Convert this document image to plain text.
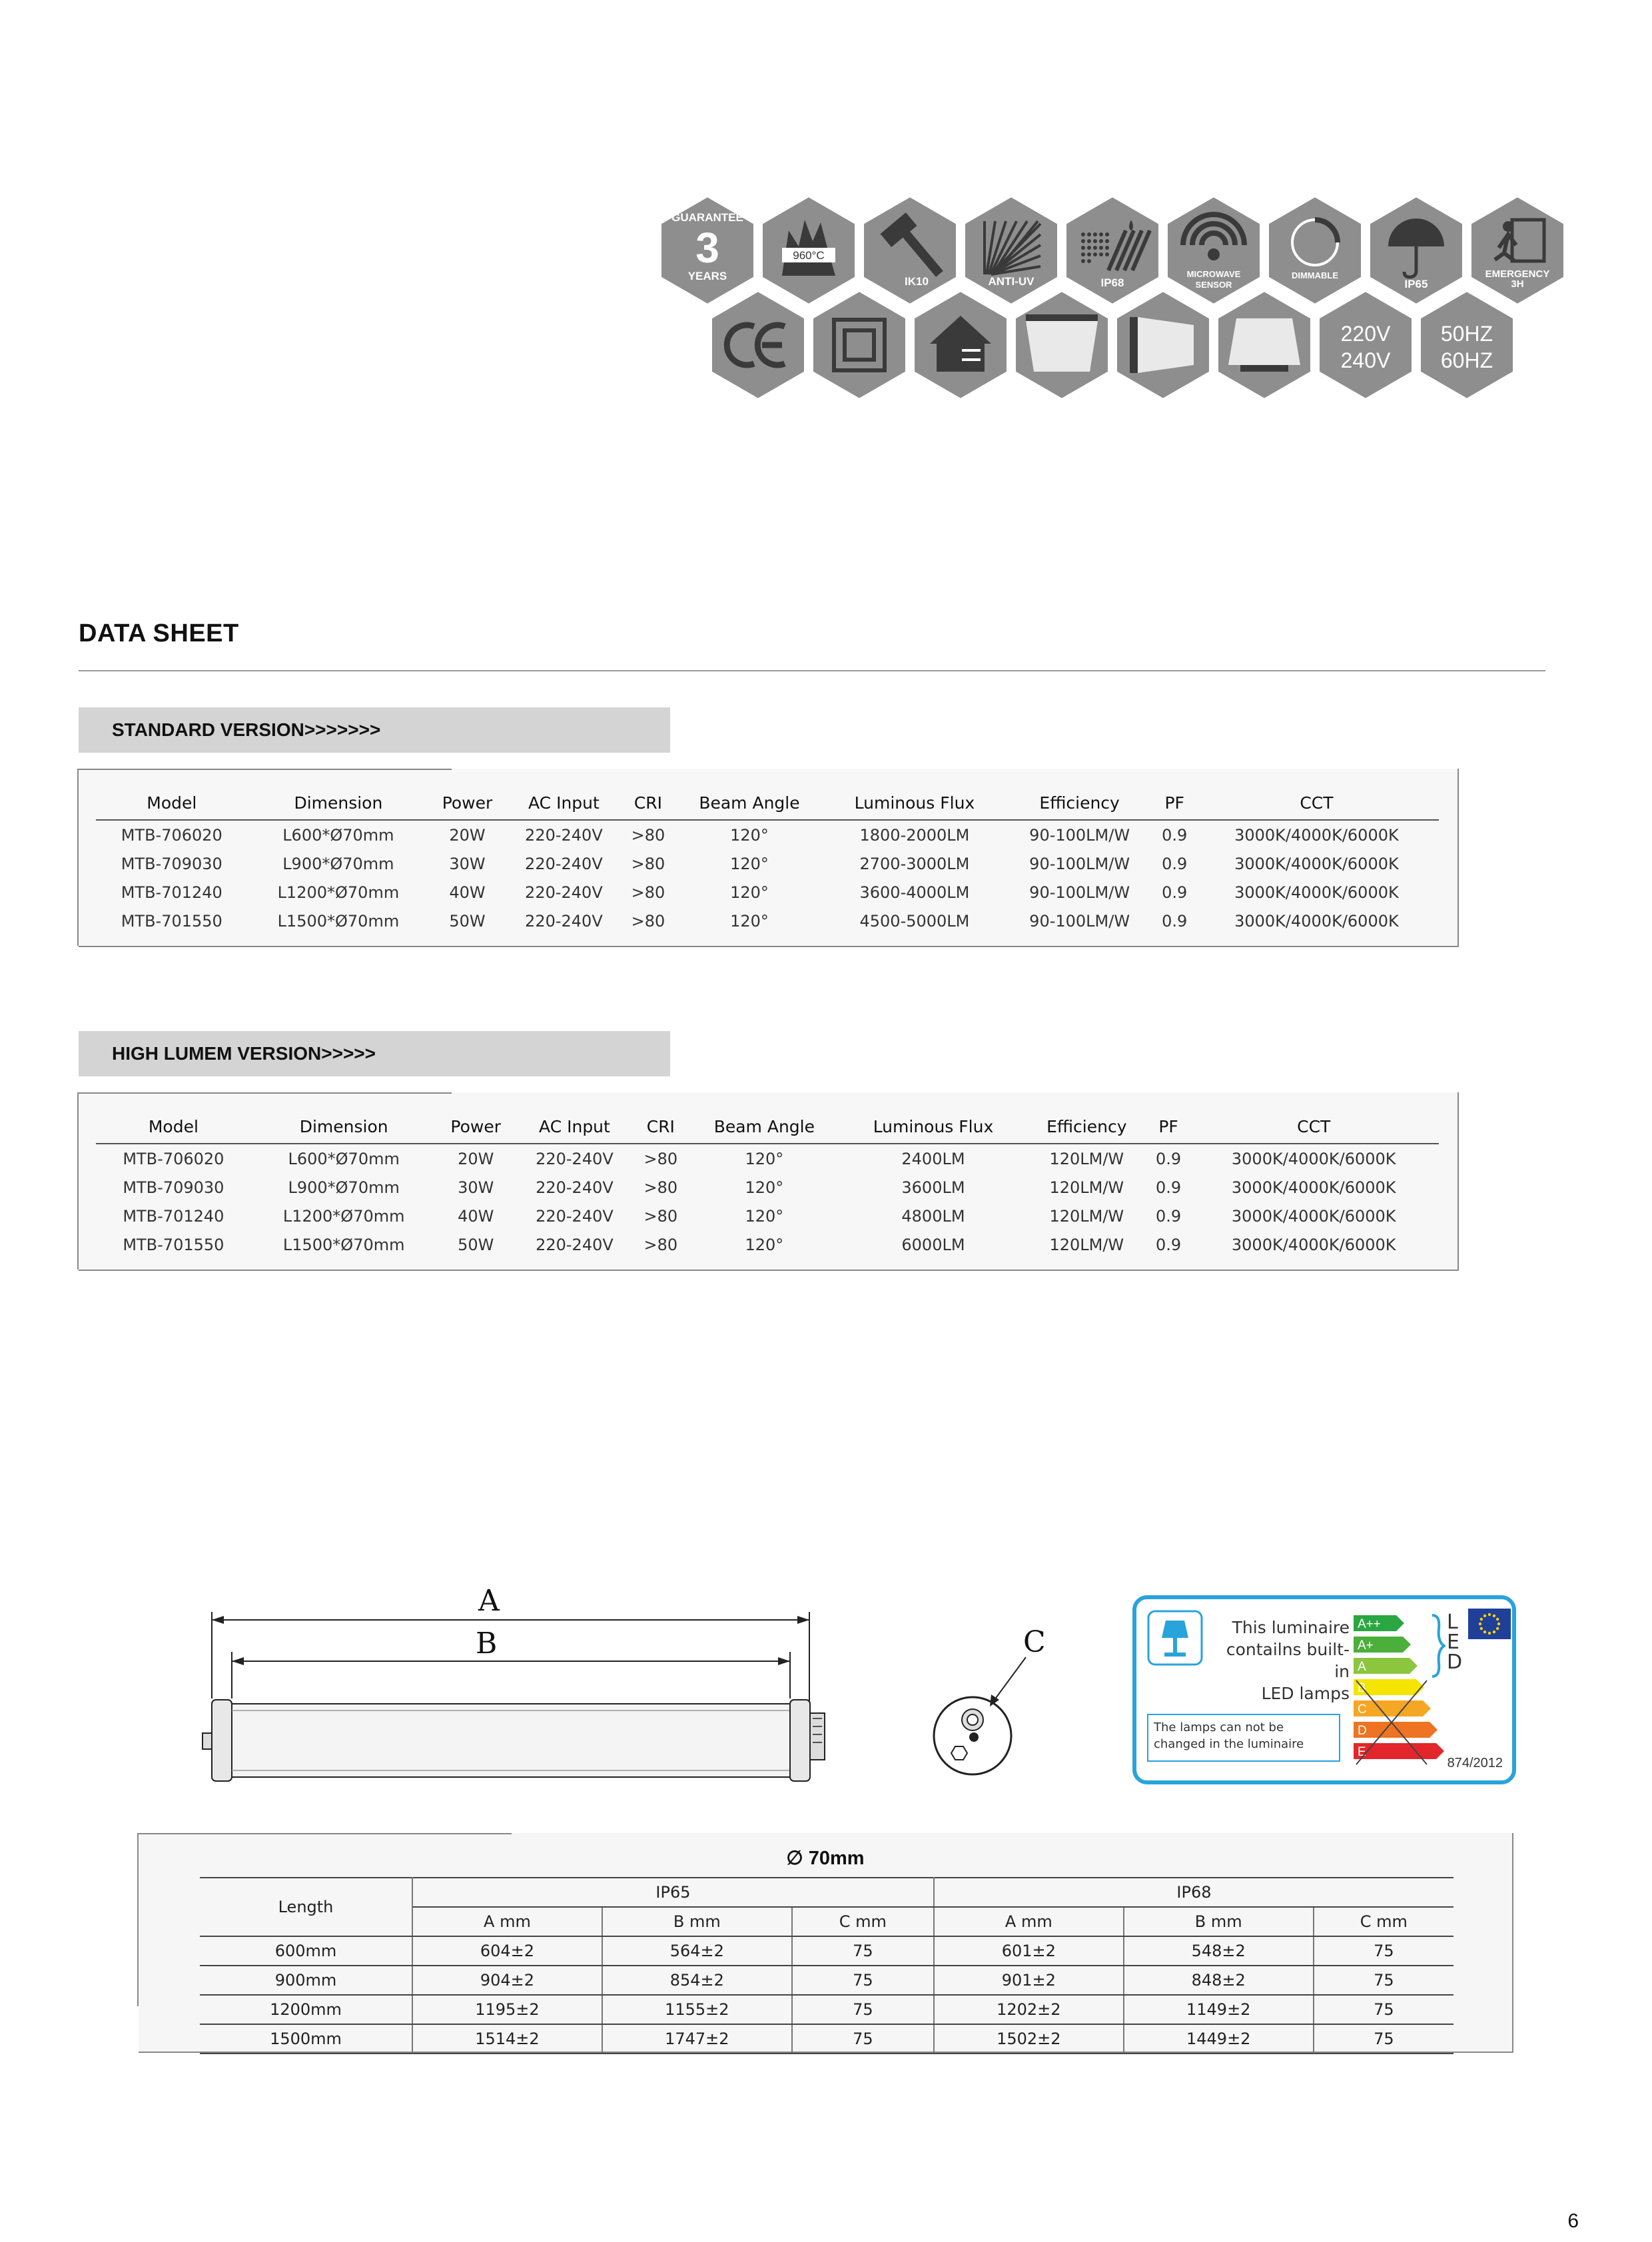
GUARANTEE
3
YEARS
960°C
IK10	ANTI-UV	IP68
MICROWAVE
SENSOR
DIMMABLE
IP65
EMERGENCY
3H
220V
240V
50HZ
60HZ
DATA SHEET
STANDARD VERSION>>>>>>>
Model	Dimension	Power	AC Input	CRI	Beam Angle	Luminous Flux	Efficiency	PF	CCT
MTB-706020	L600*Ø70mm	20W	220-240V	>80	120°	1800-2000LM	90-100LM/W	0.9	3000K/4000K/6000K
MTB-709030	L900*Ø70mm	30W	220-240V	>80	120°	2700-3000LM	90-100LM/W	0.9	3000K/4000K/6000K
MTB-701240	L1200*Ø70mm	40W	220-240V	>80	120°	3600-4000LM	90-100LM/W	0.9	3000K/4000K/6000K
MTB-701550	L1500*Ø70mm	50W	220-240V	>80	120°	4500-5000LM	90-100LM/W	0.9	3000K/4000K/6000K
HIGH LUMEM VERSION>>>>>
Model	Dimension	Power	AC Input	CRI	Beam Angle	Luminous Flux	Efficiency	PF	CCT
MTB-706020	L600*Ø70mm	20W	220-240V	>80	120°	2400LM	120LM/W	0.9	3000K/4000K/6000K
MTB-709030	L900*Ø70mm	30W	220-240V	>80	120°	3600LM	120LM/W	0.9	3000K/4000K/6000K
MTB-701240	L1200*Ø70mm	40W	220-240V	>80	120°	4800LM	120LM/W	0.9	3000K/4000K/6000K
MTB-701550	L1500*Ø70mm	50W	220-240V	>80	120°	6000LM	120LM/W	0.9	3000K/4000K/6000K
A
B	C	This luminaire
contailns built-in
LED lamps
A++
A+
A
B
C
D
E
L
E
D
The lamps can not be changed in the luminaire
874/2012
∅ 70mm
Length	IP65			IP68		
	A mm	B mm	C mm	A mm	B mm	C mm
600mm	604±2	564±2	75	601±2	548±2	75
900mm	904±2	854±2	75	901±2	848±2	75
1200mm	1195±2	1155±2	75	1202±2	1149±2	75
1500mm	1514±2	1747±2	75	1502±2	1449±2	75
6
